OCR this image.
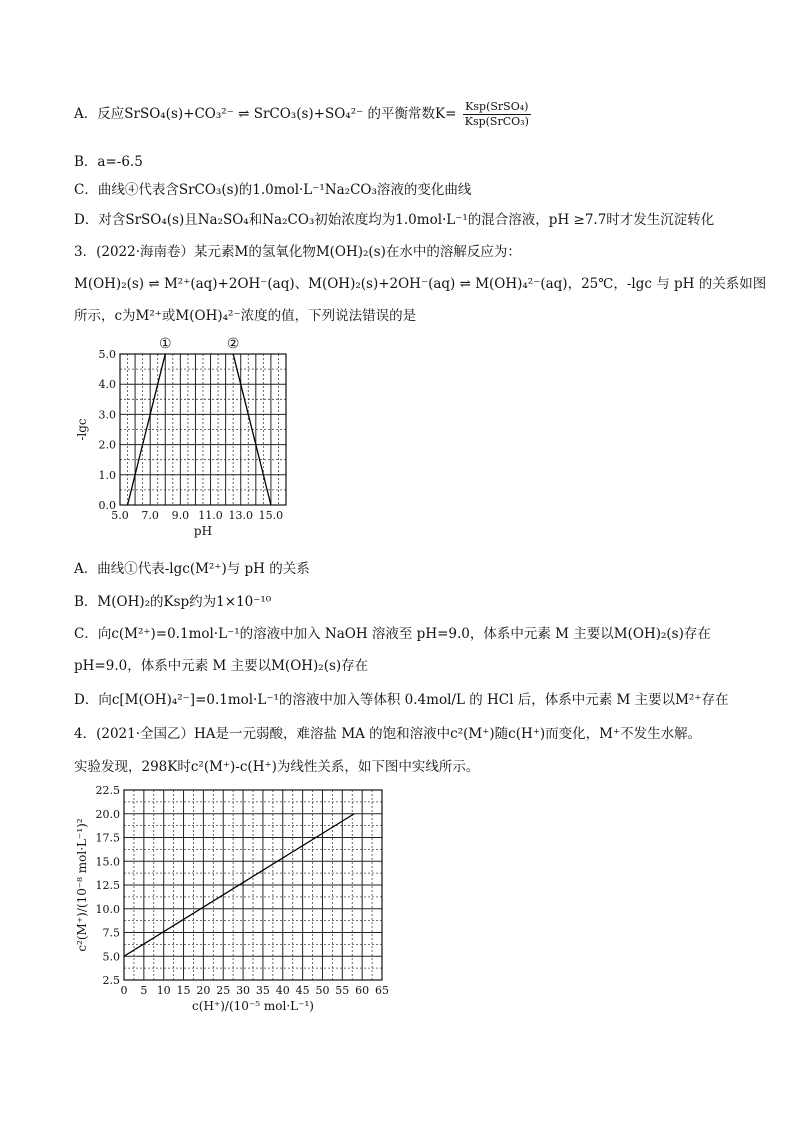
A．反应SrSO₄(s)+CO₃²⁻ ⇌ SrCO₃(s)+SO₄²⁻ 的平衡常数$K= \frac{\text{Ksp(SrSO₄)}}{\text{Ksp(SrCO₃)}}$
B．a=-6.5
C．曲线④代表含SrCO₃(s)的1.0mol·L⁻¹Na₂CO₃溶液的变化曲线
D．对含SrSO₄(s)且Na₂SO₄和Na₂CO₃初始浓度均为1.0mol·L⁻¹的混合溶液，pH ≥7.7时才发生沉淀转化
3．(2022·海南卷）某元素M的氢氧化物M(OH)₂(s)在水中的溶解反应为：
M(OH)₂(s) ⇌ M²⁺(aq)+2OH⁻(aq)、M(OH)₂(s)+2OH⁻(aq) ⇌ M(OH)₄²⁻(aq)，25℃，-lgc 与 pH 的关系如图
所示，c为M²⁺或M(OH)₄²⁻浓度的值，下列说法错误的是
5.0 7.0 9.0 11.0 13.0 15.0
0.0
1.0
2.0
3.0
4.0
5.0
pH
-lgc
①	②
A．曲线①代表-lgc(M²⁺)与 pH 的关系
B．M(OH)₂的Ksp约为1×10⁻¹⁰
C．向c(M²⁺)=0.1mol·L⁻¹的溶液中加入 NaOH 溶液至 pH=9.0，体系中元素 M 主要以M(OH)₂(s)存在
pH=9.0，体系中元素 M 主要以M(OH)₂(s)存在
D．向c[M(OH)₄²⁻]=0.1mol·L⁻¹的溶液中加入等体积 0.4mol/L 的 HCl 后，体系中元素 M 主要以M²⁺存在
4．(2021·全国乙）HA是一元弱酸，难溶盐 MA 的饱和溶液中c²(M⁺)随c(H⁺)而变化，M⁺不发生水解。
实验发现，298K时c²(M⁺)-c(H⁺)为线性关系，如下图中实线所示。
0 5 10 15 20 25 30 35 40 45 50 55 60 65
2.5
5.0
7.5
10.0
12.5
15.0
17.5
20.0
22.5
c(H⁺)/(10⁻⁵ mol·L⁻¹)
c²(M⁺)/(10⁻⁸ mol·L⁻¹)²
